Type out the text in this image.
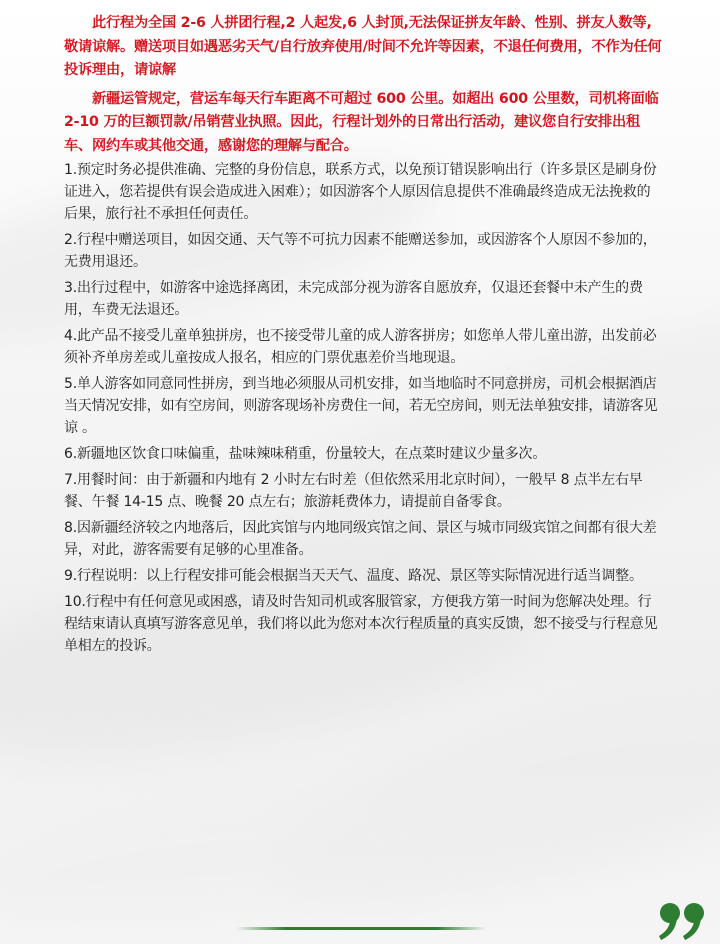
此行程为全国 2-6 人拼团行程,2 人起发,6 人封顶,无法保证拼友年龄、性别、拼友人数等,敬请谅解。赠送项目如遇恶劣天气/自行放弃使用/时间不允许等因素，不退任何费用，不作为任何投诉理由，请谅解

新疆运管规定，营运车每天行车距离不可超过 600 公里。如超出 600 公里数，司机将面临 2-10 万的巨额罚款/吊销营业执照。因此，行程计划外的日常出行活动，建议您自行安排出租车、网约车或其他交通，感谢您的理解与配合。

1.预定时务必提供准确、完整的身份信息，联系方式，以免预订错误影响出行（许多景区是刷身份证进入，您若提供有误会造成进入困难）；如因游客个人原因信息提供不准确最终造成无法挽救的后果，旅行社不承担任何责任。

2.行程中赠送项目，如因交通、天气等不可抗力因素不能赠送参加，或因游客个人原因不参加的，无费用退还。

3.出行过程中，如游客中途选择离团，未完成部分视为游客自愿放弃，仅退还套餐中未产生的费用，车费无法退还。

4.此产品不接受儿童单独拼房，也不接受带儿童的成人游客拼房；如您单人带儿童出游，出发前必须补齐单房差或儿童按成人报名，相应的门票优惠差价当地现退。

5.单人游客如同意同性拼房，到当地必须服从司机安排，如当地临时不同意拼房，司机会根据酒店当天情况安排，如有空房间，则游客现场补房费住一间，若无空房间，则无法单独安排，请游客见谅 。

6.新疆地区饮食口味偏重，盐味辣味稍重，份量较大，在点菜时建议少量多次。

7.用餐时间：由于新疆和内地有 2 小时左右时差（但依然采用北京时间），一般早 8 点半左右早餐、午餐 14-15 点、晚餐 20 点左右；旅游耗费体力，请提前自备零食。

8.因新疆经济较之内地落后，因此宾馆与内地同级宾馆之间、景区与城市同级宾馆之间都有很大差异，对此，游客需要有足够的心里准备。

9.行程说明：以上行程安排可能会根据当天天气、温度、路况、景区等实际情况进行适当调整。

10.行程中有任何意见或困惑，请及时告知司机或客服管家，方便我方第一时间为您解决处理。行程结束请认真填写游客意见单，我们将以此为您对本次行程质量的真实反馈，恕不接受与行程意见单相左的投诉。
